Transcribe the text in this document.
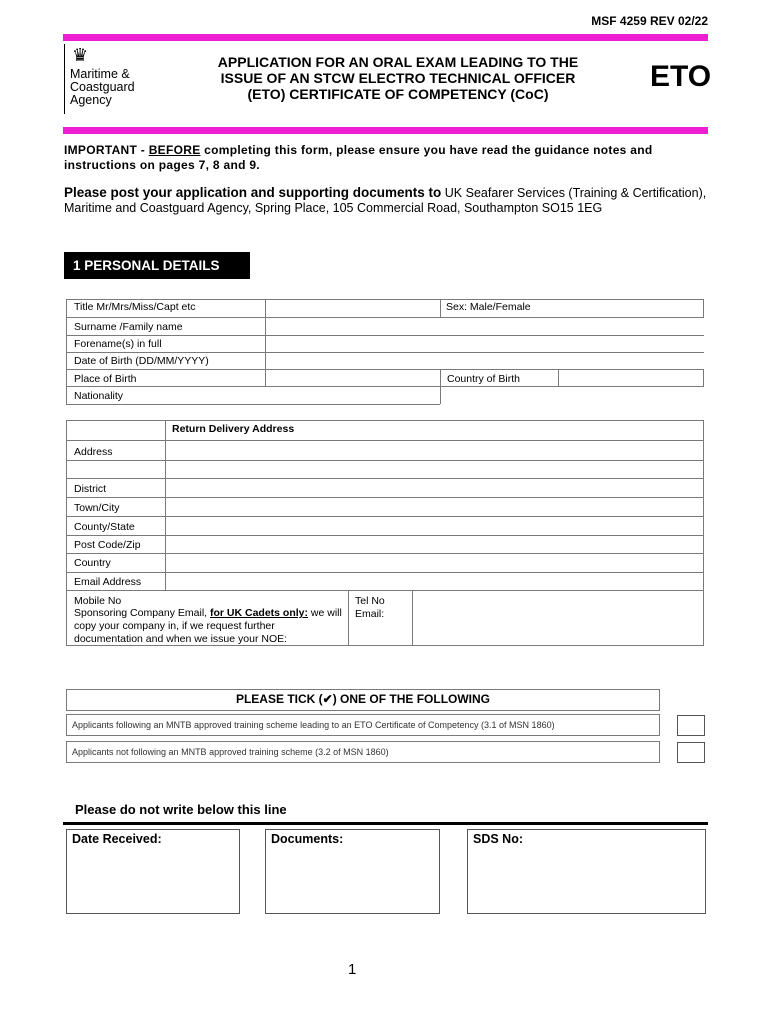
MSF 4259 REV 02/22
♛
Maritime &
Coastguard
Agency
APPLICATION FOR AN ORAL EXAM LEADING TO THE
ISSUE OF AN STCW ELECTRO TECHNICAL OFFICER
(ETO) CERTIFICATE OF COMPETENCY (CoC)
ETO
IMPORTANT - BEFORE completing this form, please ensure you have read the guidance notes and instructions on pages 7, 8 and 9.
Please post your application and supporting documents to UK Seafarer Services (Training & Certification), Maritime and Coastguard Agency, Spring Place, 105 Commercial Road, Southampton SO15 1EG
1 PERSONAL DETAILS
Title Mr/Mrs/Miss/Capt etc	Sex: Male/Female
Surname /Family name
Forename(s) in full
Date of Birth (DD/MM/YYYY)
Place of Birth	Country of Birth
Nationality
Return Delivery Address
Address
District
Town/City
County/State
Post Code/Zip
Country
Email Address
Mobile No
Sponsoring Company Email, for UK Cadets only: we will copy your company in, if we request further documentation and when we issue your NOE:
Tel No
Email:
PLEASE TICK (✔) ONE OF THE FOLLOWING
Applicants following an MNTB approved training scheme leading to an ETO Certificate of Competency (3.1 of MSN 1860)
Applicants not following an MNTB approved training scheme (3.2 of MSN 1860)
Please do not write below this line
Date Received:	Documents:	SDS No:
1
